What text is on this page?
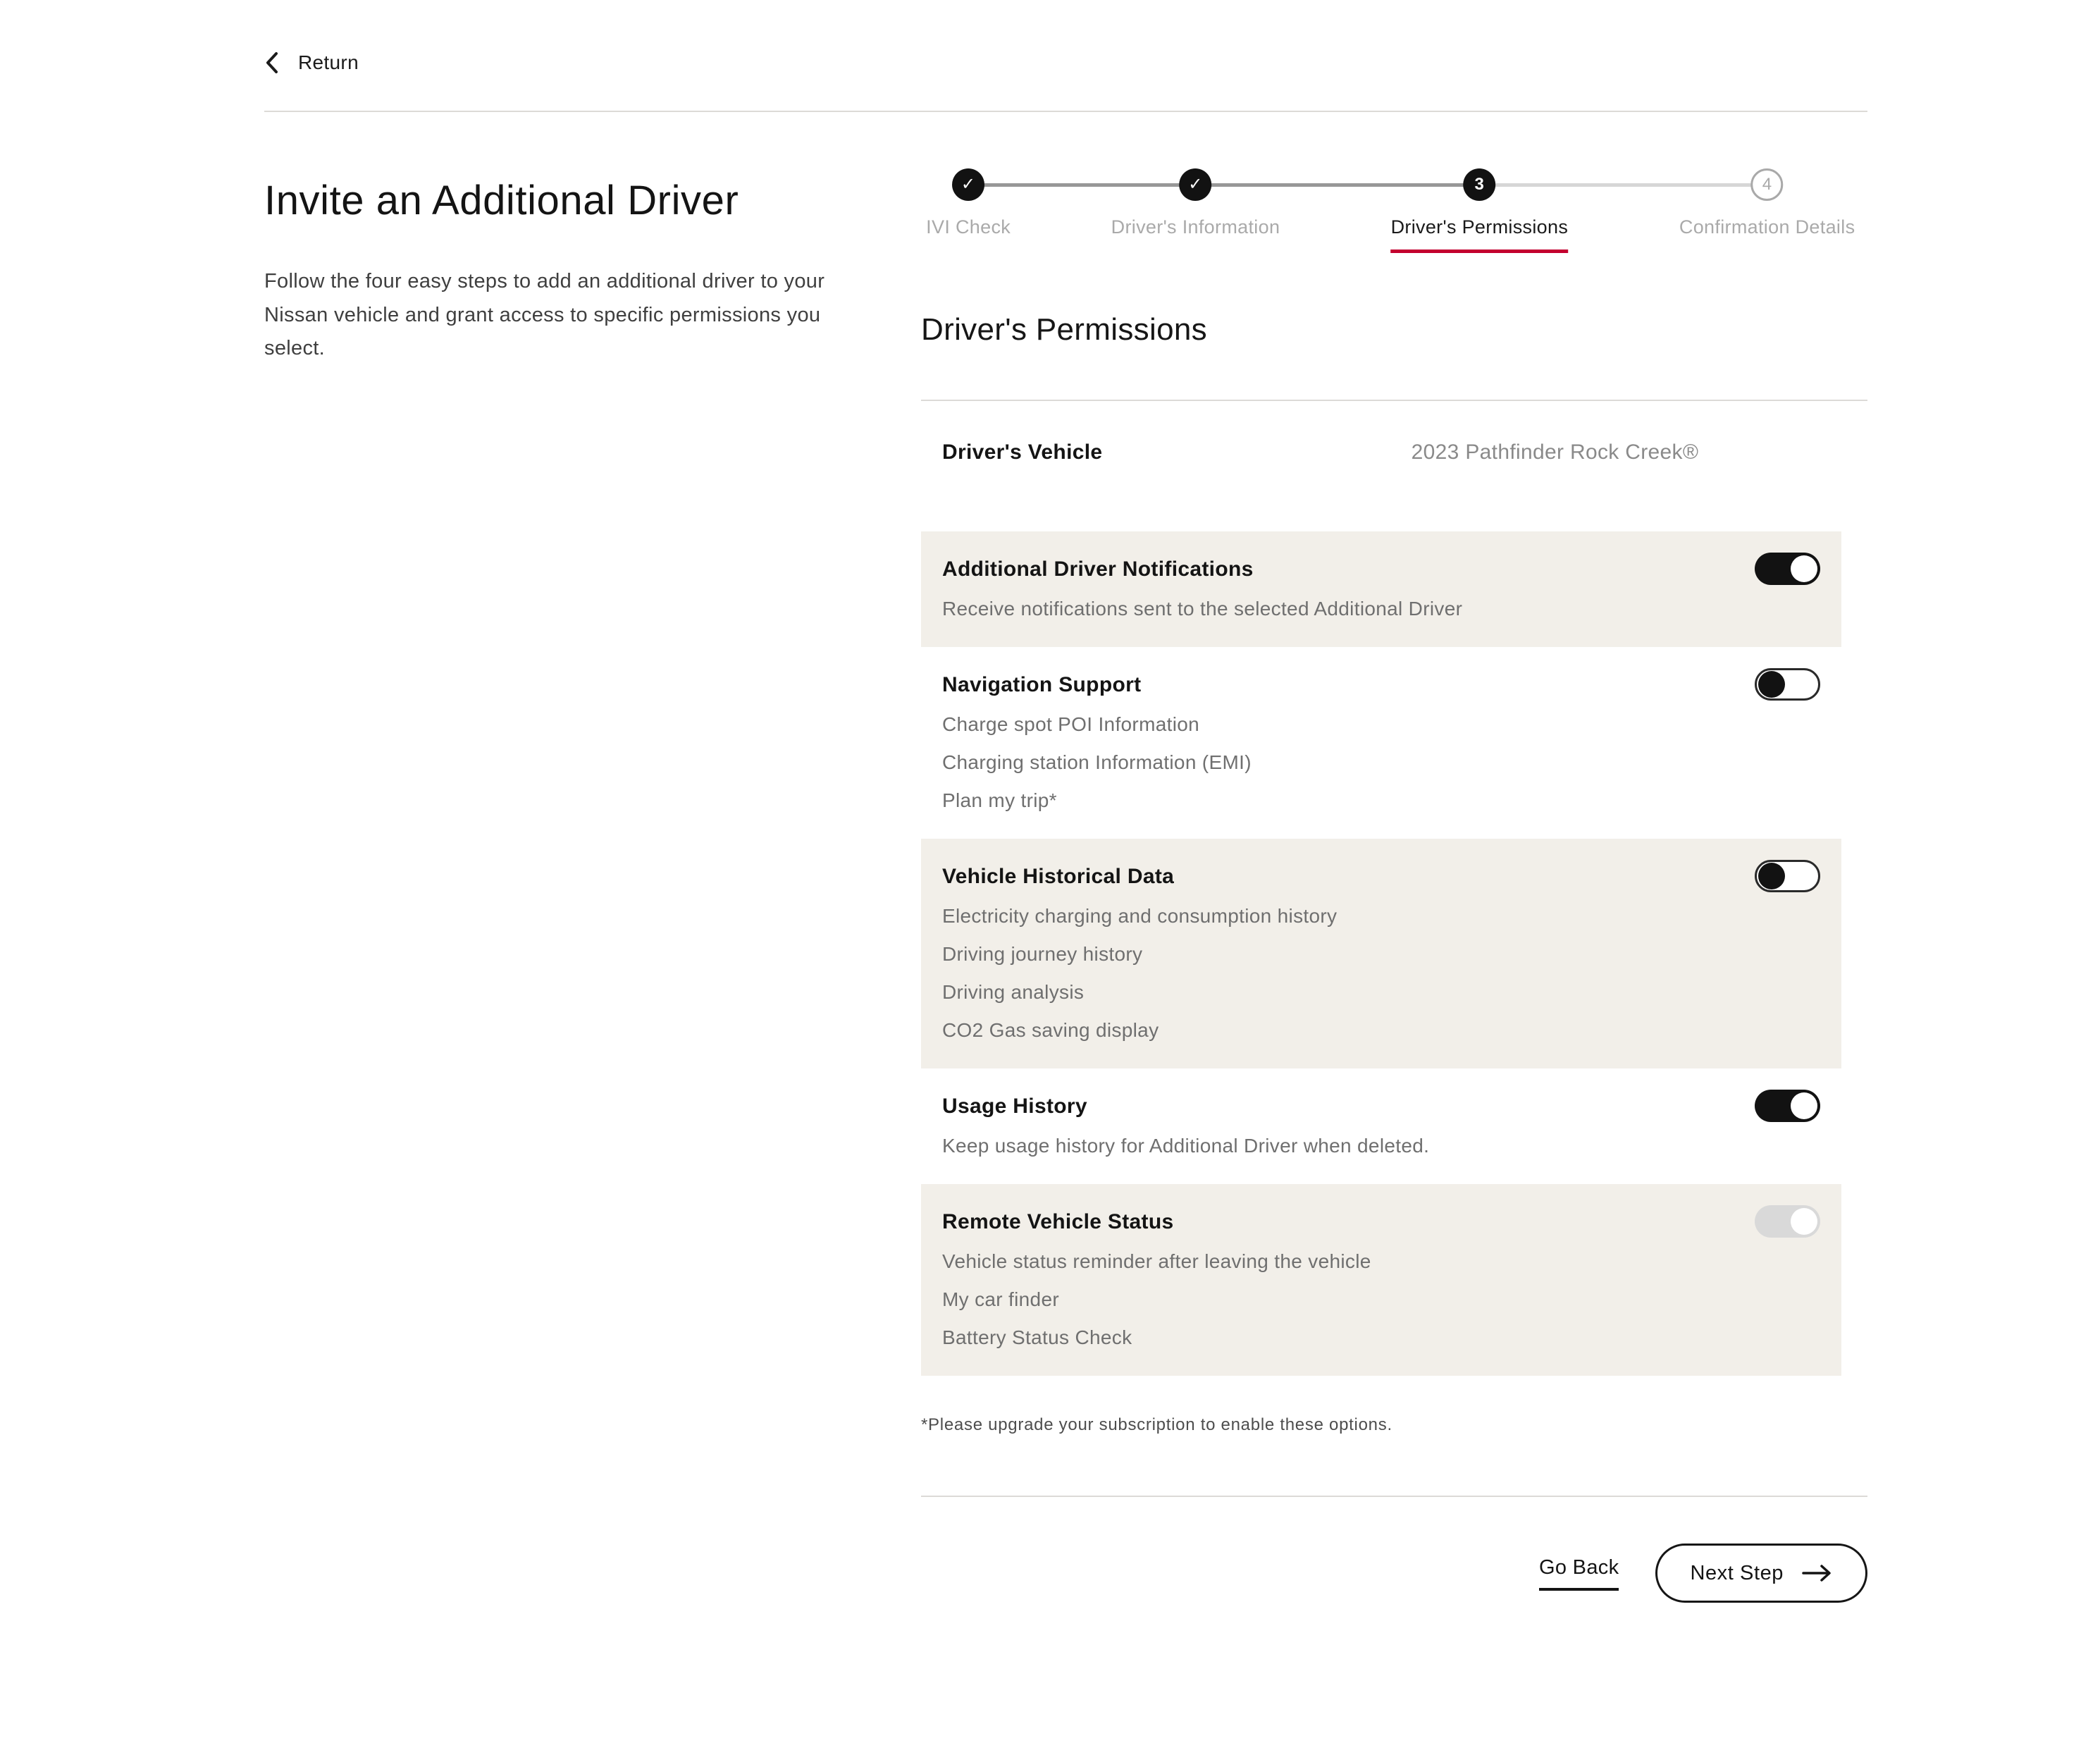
Return
Invite an Additional Driver

Follow the four easy steps to add an additional driver to your Nissan vehicle and grant access to specific permissions you select.

✓
IVI Check
✓
Driver's Information
3
Driver's Permissions
4
Confirmation Details
Driver's Permissions
Driver's Vehicle	2023 Pathfinder Rock Creek®
Additional Driver Notifications
Receive notifications sent to the selected Additional Driver
Navigation Support
Charge spot POI Information
Charging station Information (EMI)
Plan my trip*
Vehicle Historical Data
Electricity charging and consumption history
Driving journey history
Driving analysis
CO2 Gas saving display
Usage History
Keep usage history for Additional Driver when deleted.
Remote Vehicle Status
Vehicle status reminder after leaving the vehicle
My car finder
Battery Status Check

*Please upgrade your subscription to enable these options.

Go Back	Next Step
